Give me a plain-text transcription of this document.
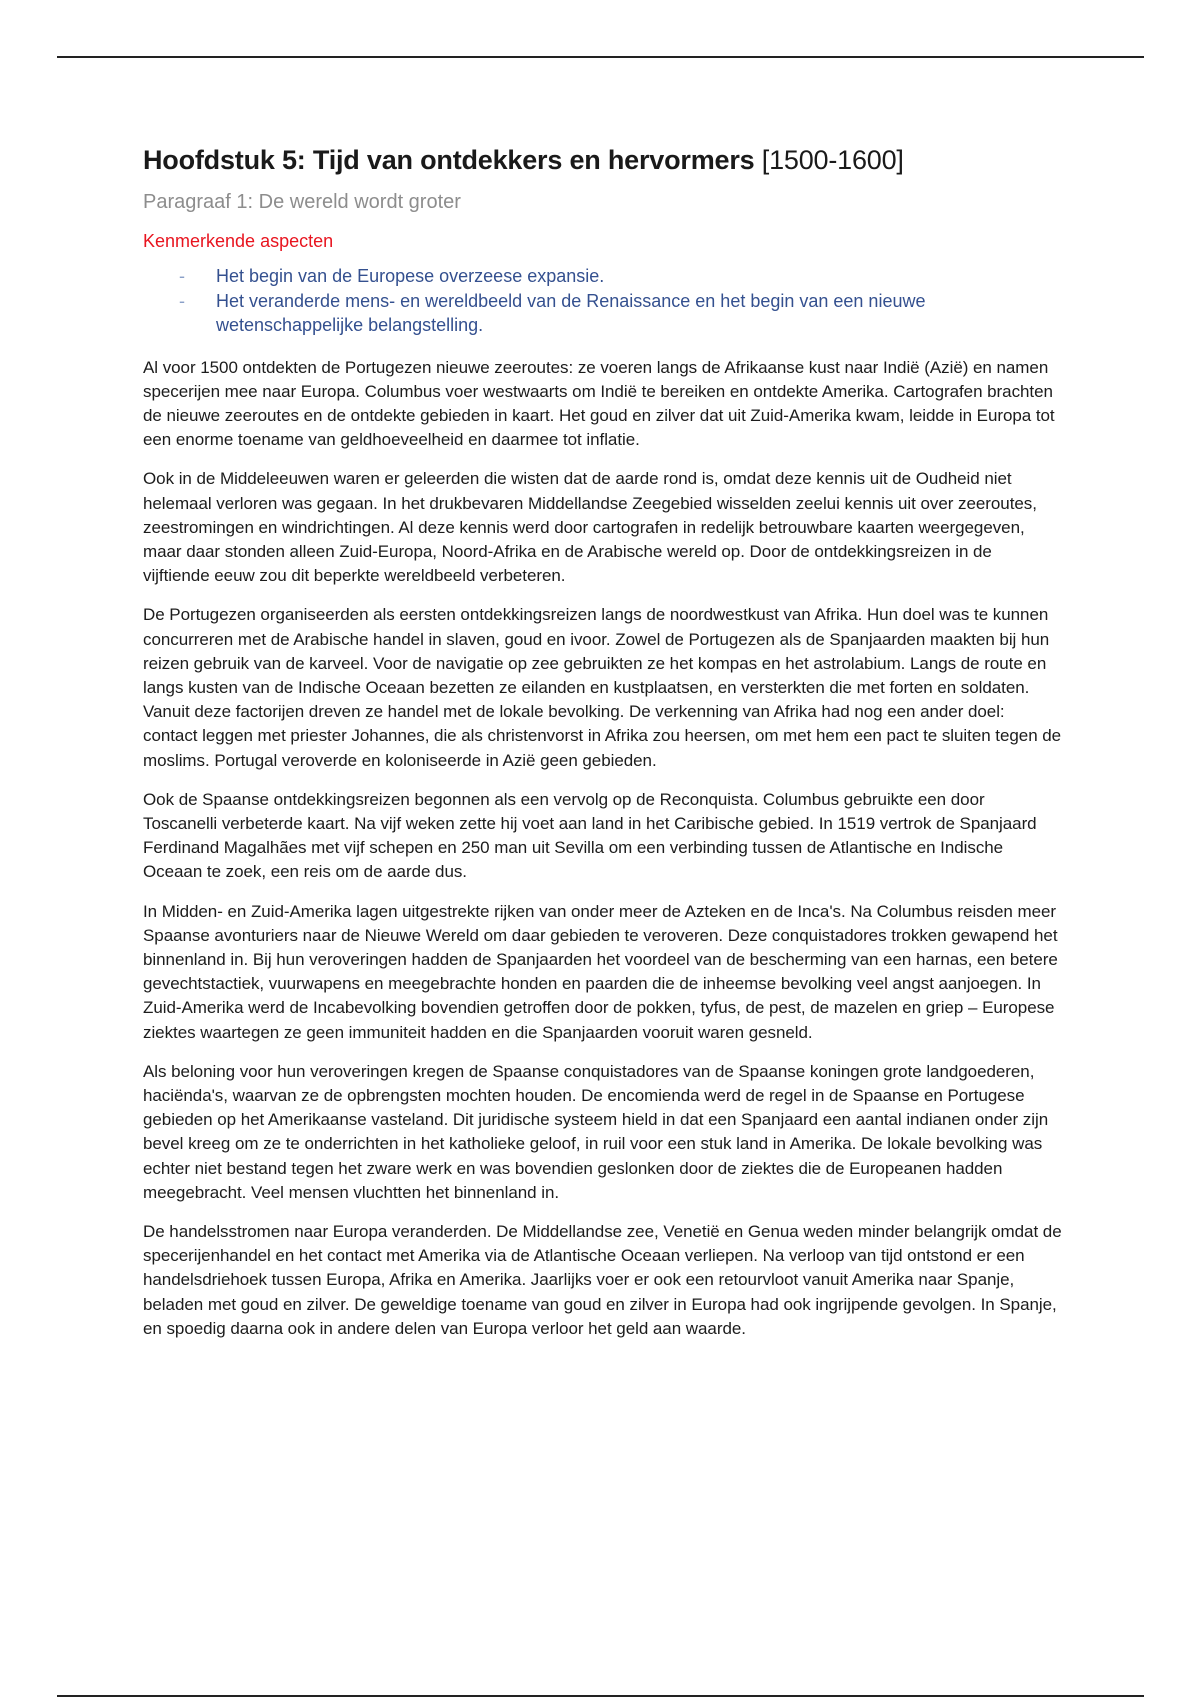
Hoofdstuk 5: Tijd van ontdekkers en hervormers [1500-1600]
Paragraaf 1: De wereld wordt groter
Kenmerkende aspecten
- Het begin van de Europese overzeese expansie.
- Het veranderde mens- en wereldbeeld van de Renaissance en het begin van een nieuwe wetenschappelijke belangstelling.

Al voor 1500 ontdekten de Portugezen nieuwe zeeroutes: ze voeren langs de Afrikaanse kust naar Indië (Azië) en namen specerijen mee naar Europa. Columbus voer westwaarts om Indië te bereiken en ontdekte Amerika. Cartografen brachten de nieuwe zeeroutes en de ontdekte gebieden in kaart. Het goud en zilver dat uit Zuid-Amerika kwam, leidde in Europa tot een enorme toename van geldhoeveelheid en daarmee tot inflatie.

Ook in de Middeleeuwen waren er geleerden die wisten dat de aarde rond is, omdat deze kennis uit de Oudheid niet helemaal verloren was gegaan. In het drukbevaren Middellandse Zeegebied wisselden zeelui kennis uit over zeeroutes, zeestromingen en windrichtingen. Al deze kennis werd door cartografen in redelijk betrouwbare kaarten weergegeven, maar daar stonden alleen Zuid-Europa, Noord-Afrika en de Arabische wereld op. Door de ontdekkingsreizen in de vijftiende eeuw zou dit beperkte wereldbeeld verbeteren.

De Portugezen organiseerden als eersten ontdekkingsreizen langs de noordwestkust van Afrika. Hun doel was te kunnen concurreren met de Arabische handel in slaven, goud en ivoor. Zowel de Portugezen als de Spanjaarden maakten bij hun reizen gebruik van de karveel. Voor de navigatie op zee gebruikten ze het kompas en het astrolabium. Langs de route en langs kusten van de Indische Oceaan bezetten ze eilanden en kustplaatsen, en versterkten die met forten en soldaten. Vanuit deze factorijen dreven ze handel met de lokale bevolking. De verkenning van Afrika had nog een ander doel: contact leggen met priester Johannes, die als christenvorst in Afrika zou heersen, om met hem een pact te sluiten tegen de moslims. Portugal veroverde en koloniseerde in Azië geen gebieden.

Ook de Spaanse ontdekkingsreizen begonnen als een vervolg op de Reconquista. Columbus gebruikte een door Toscanelli verbeterde kaart. Na vijf weken zette hij voet aan land in het Caribische gebied. In 1519 vertrok de Spanjaard Ferdinand Magalhães met vijf schepen en 250 man uit Sevilla om een verbinding tussen de Atlantische en Indische Oceaan te zoek, een reis om de aarde dus.

In Midden- en Zuid-Amerika lagen uitgestrekte rijken van onder meer de Azteken en de Inca's. Na Columbus reisden meer Spaanse avonturiers naar de Nieuwe Wereld om daar gebieden te veroveren. Deze conquistadores trokken gewapend het binnenland in. Bij hun veroveringen hadden de Spanjaarden het voordeel van de bescherming van een harnas, een betere gevechtstactiek, vuurwapens en meegebrachte honden en paarden die de inheemse bevolking veel angst aanjoegen. In Zuid-Amerika werd de Incabevolking bovendien getroffen door de pokken, tyfus, de pest, de mazelen en griep – Europese ziektes waartegen ze geen immuniteit hadden en die Spanjaarden vooruit waren gesneld.

Als beloning voor hun veroveringen kregen de Spaanse conquistadores van de Spaanse koningen grote landgoederen, haciënda's, waarvan ze de opbrengsten mochten houden. De encomienda werd de regel in de Spaanse en Portugese gebieden op het Amerikaanse vasteland. Dit juridische systeem hield in dat een Spanjaard een aantal indianen onder zijn bevel kreeg om ze te onderrichten in het katholieke geloof, in ruil voor een stuk land in Amerika. De lokale bevolking was echter niet bestand tegen het zware werk en was bovendien geslonken door de ziektes die de Europeanen hadden meegebracht. Veel mensen vluchtten het binnenland in.

De handelsstromen naar Europa veranderden. De Middellandse zee, Venetië en Genua weden minder belangrijk omdat de specerijenhandel en het contact met Amerika via de Atlantische Oceaan verliepen. Na verloop van tijd ontstond er een handelsdriehoek tussen Europa, Afrika en Amerika. Jaarlijks voer er ook een retourvloot vanuit Amerika naar Spanje, beladen met goud en zilver. De geweldige toename van goud en zilver in Europa had ook ingrijpende gevolgen. In Spanje, en spoedig daarna ook in andere delen van Europa verloor het geld aan waarde.
